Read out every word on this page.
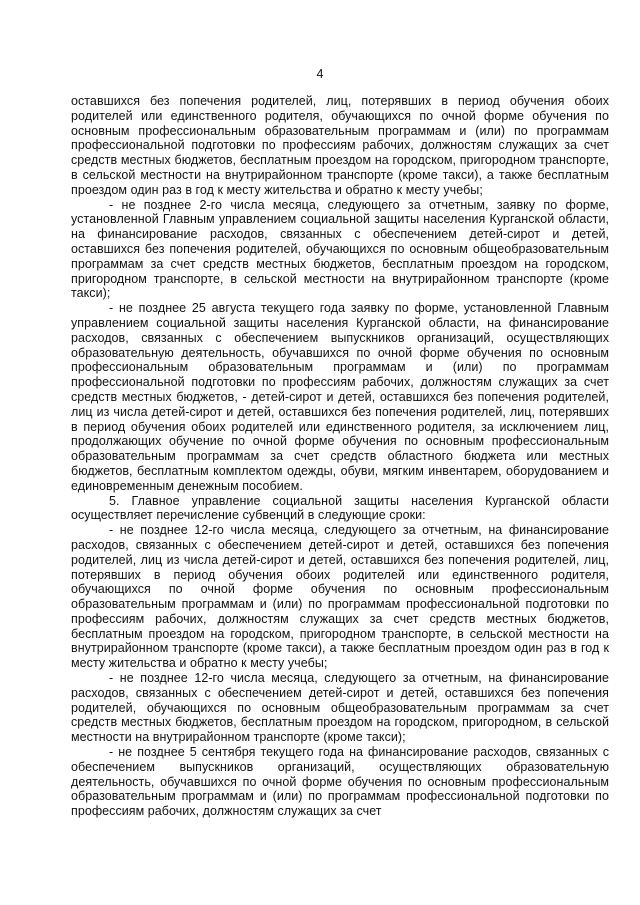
4

оставшихся без попечения родителей, лиц, потерявших в период обучения обоих родителей или единственного родителя, обучающихся по очной форме обучения по основным профессиональным образовательным программам и (или) по программам профессиональной подготовки по профессиям рабочих, должностям служащих за счет средств местных бюджетов, бесплатным проездом на городском, пригородном транспорте, в сельской местности на внутрирайонном транспорте (кроме такси), а также бесплатным проездом один раз в год к месту жительства и обратно к месту учебы;

- не позднее 2-го числа месяца, следующего за отчетным, заявку по форме, установленной Главным управлением социальной защиты населения Курганской области, на финансирование расходов, связанных с обеспечением детей-сирот и детей, оставшихся без попечения родителей, обучающихся по основным общеобразовательным программам за счет средств местных бюджетов, бесплатным проездом на городском, пригородном транспорте, в сельской местности на внутрирайонном транспорте (кроме такси);

- не позднее 25 августа текущего года заявку по форме, установленной Главным управлением социальной защиты населения Курганской области, на финансирование расходов, связанных с обеспечением выпускников организаций, осуществляющих образовательную деятельность, обучавшихся по очной форме обучения по основным профессиональным образовательным программам и (или) по программам профессиональной подготовки по профессиям рабочих, должностям служащих за счет средств местных бюджетов, - детей-сирот и детей, оставшихся без попечения родителей, лиц из числа детей-сирот и детей, оставшихся без попечения родителей, лиц, потерявших в период обучения обоих родителей или единственного родителя, за исключением лиц, продолжающих обучение по очной форме обучения по основным профессиональным образовательным программам за счет средств областного бюджета или местных бюджетов, бесплатным комплектом одежды, обуви, мягким инвентарем, оборудованием и единовременным денежным пособием.

5. Главное управление социальной защиты населения Курганской области осуществляет перечисление субвенций в следующие сроки:

- не позднее 12-го числа месяца, следующего за отчетным, на финансирование расходов, связанных с обеспечением детей-сирот и детей, оставшихся без попечения родителей, лиц из числа детей-сирот и детей, оставшихся без попечения родителей, лиц, потерявших в период обучения обоих родителей или единственного родителя, обучающихся по очной форме обучения по основным профессиональным образовательным программам и (или) по программам профессиональной подготовки по профессиям рабочих, должностям служащих за счет средств местных бюджетов, бесплатным проездом на городском, пригородном транспорте, в сельской местности на внутрирайонном транспорте (кроме такси), а также бесплатным проездом один раз в год к месту жительства и обратно к месту учебы;

- не позднее 12-го числа месяца, следующего за отчетным, на финансирование расходов, связанных с обеспечением детей-сирот и детей, оставшихся без попечения родителей, обучающихся по основным общеобразовательным программам за счет средств местных бюджетов, бесплатным проездом на городском, пригородном, в сельской местности на внутрирайонном транспорте (кроме такси);

- не позднее 5 сентября текущего года на финансирование расходов, связанных с обеспечением выпускников организаций, осуществляющих образовательную деятельность, обучавшихся по очной форме обучения по основным профессиональным образовательным программам и (или) по программам профессиональной подготовки по профессиям рабочих, должностям служащих за счет
